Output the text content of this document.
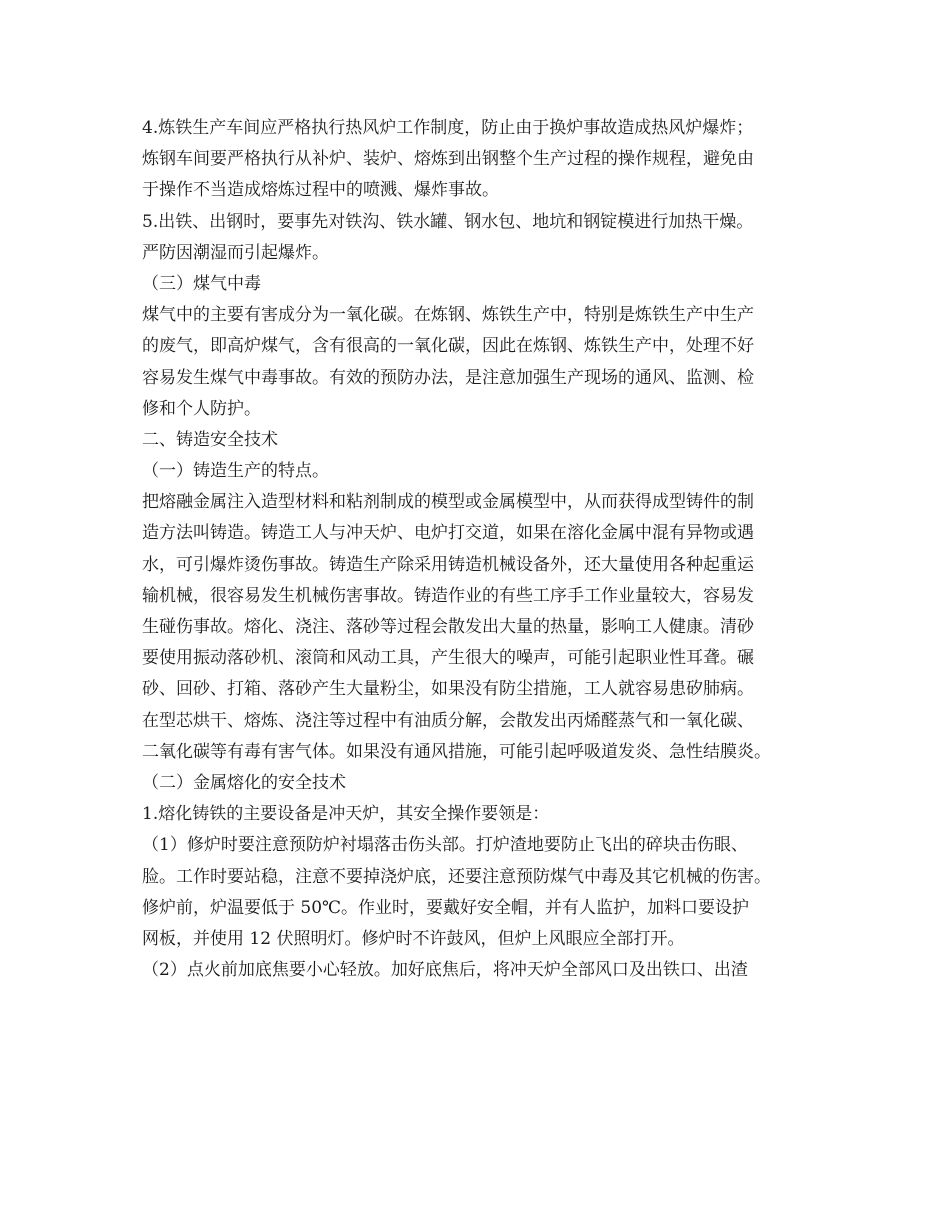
4.炼铁生产车间应严格执行热风炉工作制度，防止由于换炉事故造成热风炉爆炸；
炼钢车间要严格执行从补炉、装炉、熔炼到出钢整个生产过程的操作规程，避免由
于操作不当造成熔炼过程中的喷溅、爆炸事故。
5.出铁、出钢时，要事先对铁沟、铁水罐、钢水包、地坑和钢锭模进行加热干燥。
严防因潮湿而引起爆炸。
（三）煤气中毒
煤气中的主要有害成分为一氧化碳。在炼钢、炼铁生产中，特别是炼铁生产中生产
的废气，即高炉煤气，含有很高的一氧化碳，因此在炼钢、炼铁生产中，处理不好
容易发生煤气中毒事故。有效的预防办法，是注意加强生产现场的通风、监测、检
修和个人防护。
二、铸造安全技术
（一）铸造生产的特点。
把熔融金属注入造型材料和粘剂制成的模型或金属模型中，从而获得成型铸件的制
造方法叫铸造。铸造工人与冲天炉、电炉打交道，如果在溶化金属中混有异物或遇
水，可引爆炸烫伤事故。铸造生产除采用铸造机械设备外，还大量使用各种起重运
输机械，很容易发生机械伤害事故。铸造作业的有些工序手工作业量较大，容易发
生碰伤事故。熔化、浇注、落砂等过程会散发出大量的热量，影响工人健康。清砂
要使用振动落砂机、滚筒和风动工具，产生很大的噪声，可能引起职业性耳聋。碾
砂、回砂、打箱、落砂产生大量粉尘，如果没有防尘措施，工人就容易患矽肺病。
在型芯烘干、熔炼、浇注等过程中有油质分解，会散发出丙烯醛蒸气和一氧化碳、
二氧化碳等有毒有害气体。如果没有通风措施，可能引起呼吸道发炎、急性结膜炎。
（二）金属熔化的安全技术
1.熔化铸铁的主要设备是冲天炉，其安全操作要领是：
（1）修炉时要注意预防炉衬塌落击伤头部。打炉渣地要防止飞出的碎块击伤眼、
脸。工作时要站稳，注意不要掉浇炉底，还要注意预防煤气中毒及其它机械的伤害。
修炉前，炉温要低于 50℃。作业时，要戴好安全帽，并有人监护，加料口要设护
网板，并使用 12 伏照明灯。修炉时不许鼓风，但炉上风眼应全部打开。
（2）点火前加底焦要小心轻放。加好底焦后，将冲天炉全部风口及出铁口、出渣
